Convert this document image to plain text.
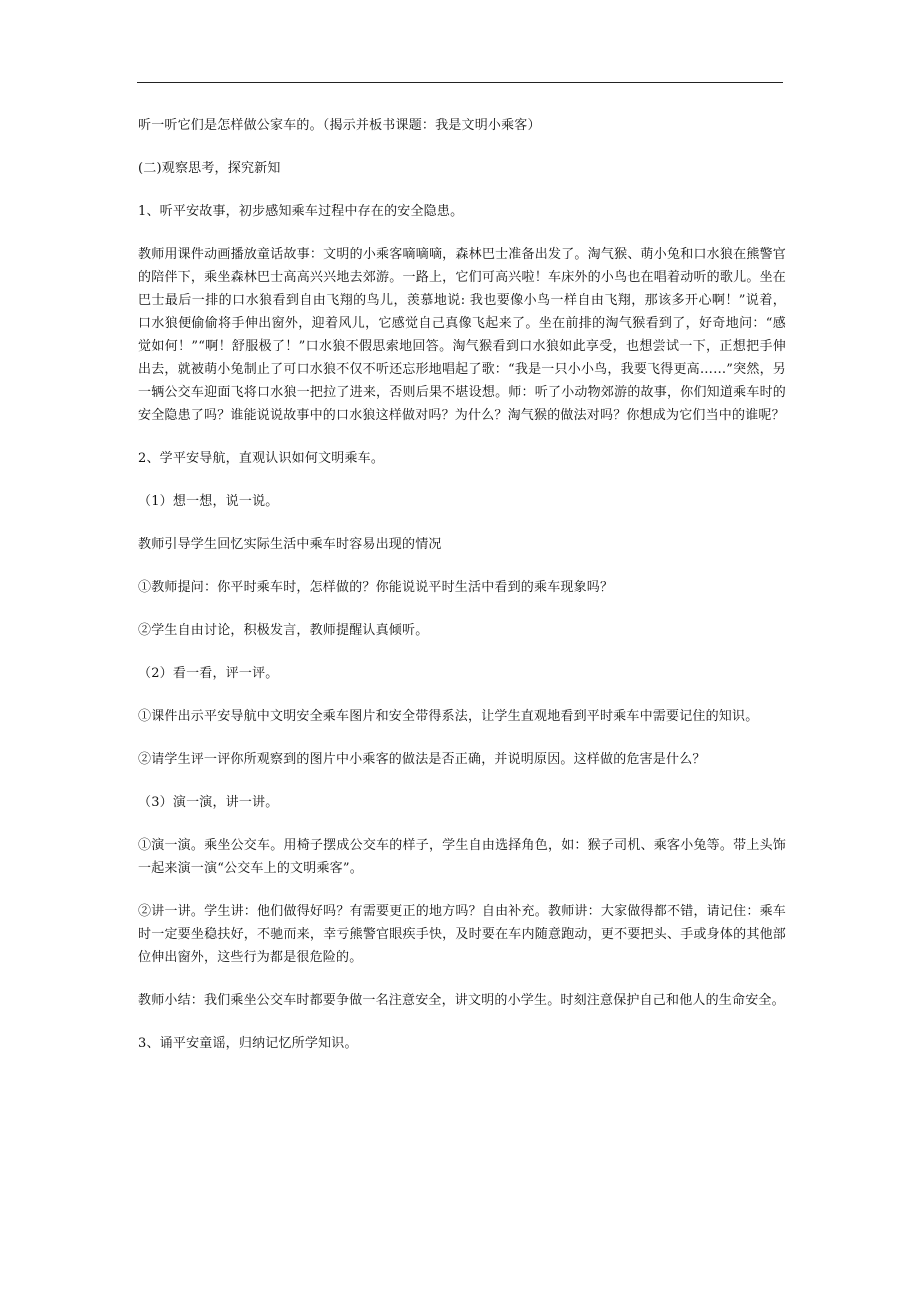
听一听它们是怎样做公家车的。（揭示并板书课题：我是文明小乘客）

(二)观察思考，探究新知

1、听平安故事，初步感知乘车过程中存在的安全隐患。

教师用课件动画播放童话故事：文明的小乘客嘀嘀嘀，森林巴士准备出发了。淘气猴、萌小兔和口水狼在熊警官的陪伴下，乘坐森林巴士高高兴兴地去郊游。一路上，它们可高兴啦！车床外的小鸟也在唱着动听的歌儿。坐在巴士最后一排的口水狼看到自由飞翔的鸟儿，羡慕地说: 我也要像小鸟一样自由飞翔，那该多开心啊！”说着，口水狼便偷偷将手伸出窗外，迎着风儿，它感觉自己真像飞起来了。坐在前排的淘气猴看到了，好奇地问：“感觉如何！”“啊！舒服极了！”口水狼不假思索地回答。淘气猴看到口水狼如此享受，也想尝试一下，正想把手伸出去，就被萌小兔制止了可口水狼不仅不听还忘形地唱起了歌：“我是一只小小鸟，我要飞得更高……”突然，另一辆公交车迎面飞将口水狼一把拉了进来，否则后果不堪设想。师：听了小动物郊游的故事，你们知道乘车时的安全隐患了吗？谁能说说故事中的口水狼这样做对吗？为什么？淘气猴的做法对吗？你想成为它们当中的谁呢？

2、学平安导航，直观认识如何文明乘车。

（1）想一想，说一说。

教师引导学生回忆实际生活中乘车时容易出现的情况

①教师提问：你平时乘车时，怎样做的？你能说说平时生活中看到的乘车现象吗？

②学生自由讨论，积极发言，教师提醒认真倾听。

（2）看一看，评一评。

①课件出示平安导航中文明安全乘车图片和安全带得系法，让学生直观地看到平时乘车中需要记住的知识。

②请学生评一评你所观察到的图片中小乘客的做法是否正确，并说明原因。这样做的危害是什么？

（3）演一演，讲一讲。

①演一演。乘坐公交车。用椅子摆成公交车的样子，学生自由选择角色，如：猴子司机、乘客小兔等。带上头饰一起来演一演“公交车上的文明乘客”。

②讲一讲。学生讲：他们做得好吗？有需要更正的地方吗？自由补充。教师讲：大家做得都不错，请记住：乘车时一定要坐稳扶好，不驰而来，幸亏熊警官眼疾手快，及时要在车内随意跑动，更不要把头、手或身体的其他部位伸出窗外，这些行为都是很危险的。

教师小结：我们乘坐公交车时都要争做一名注意安全，讲文明的小学生。时刻注意保护自己和他人的生命安全。

3、诵平安童谣，归纳记忆所学知识。
